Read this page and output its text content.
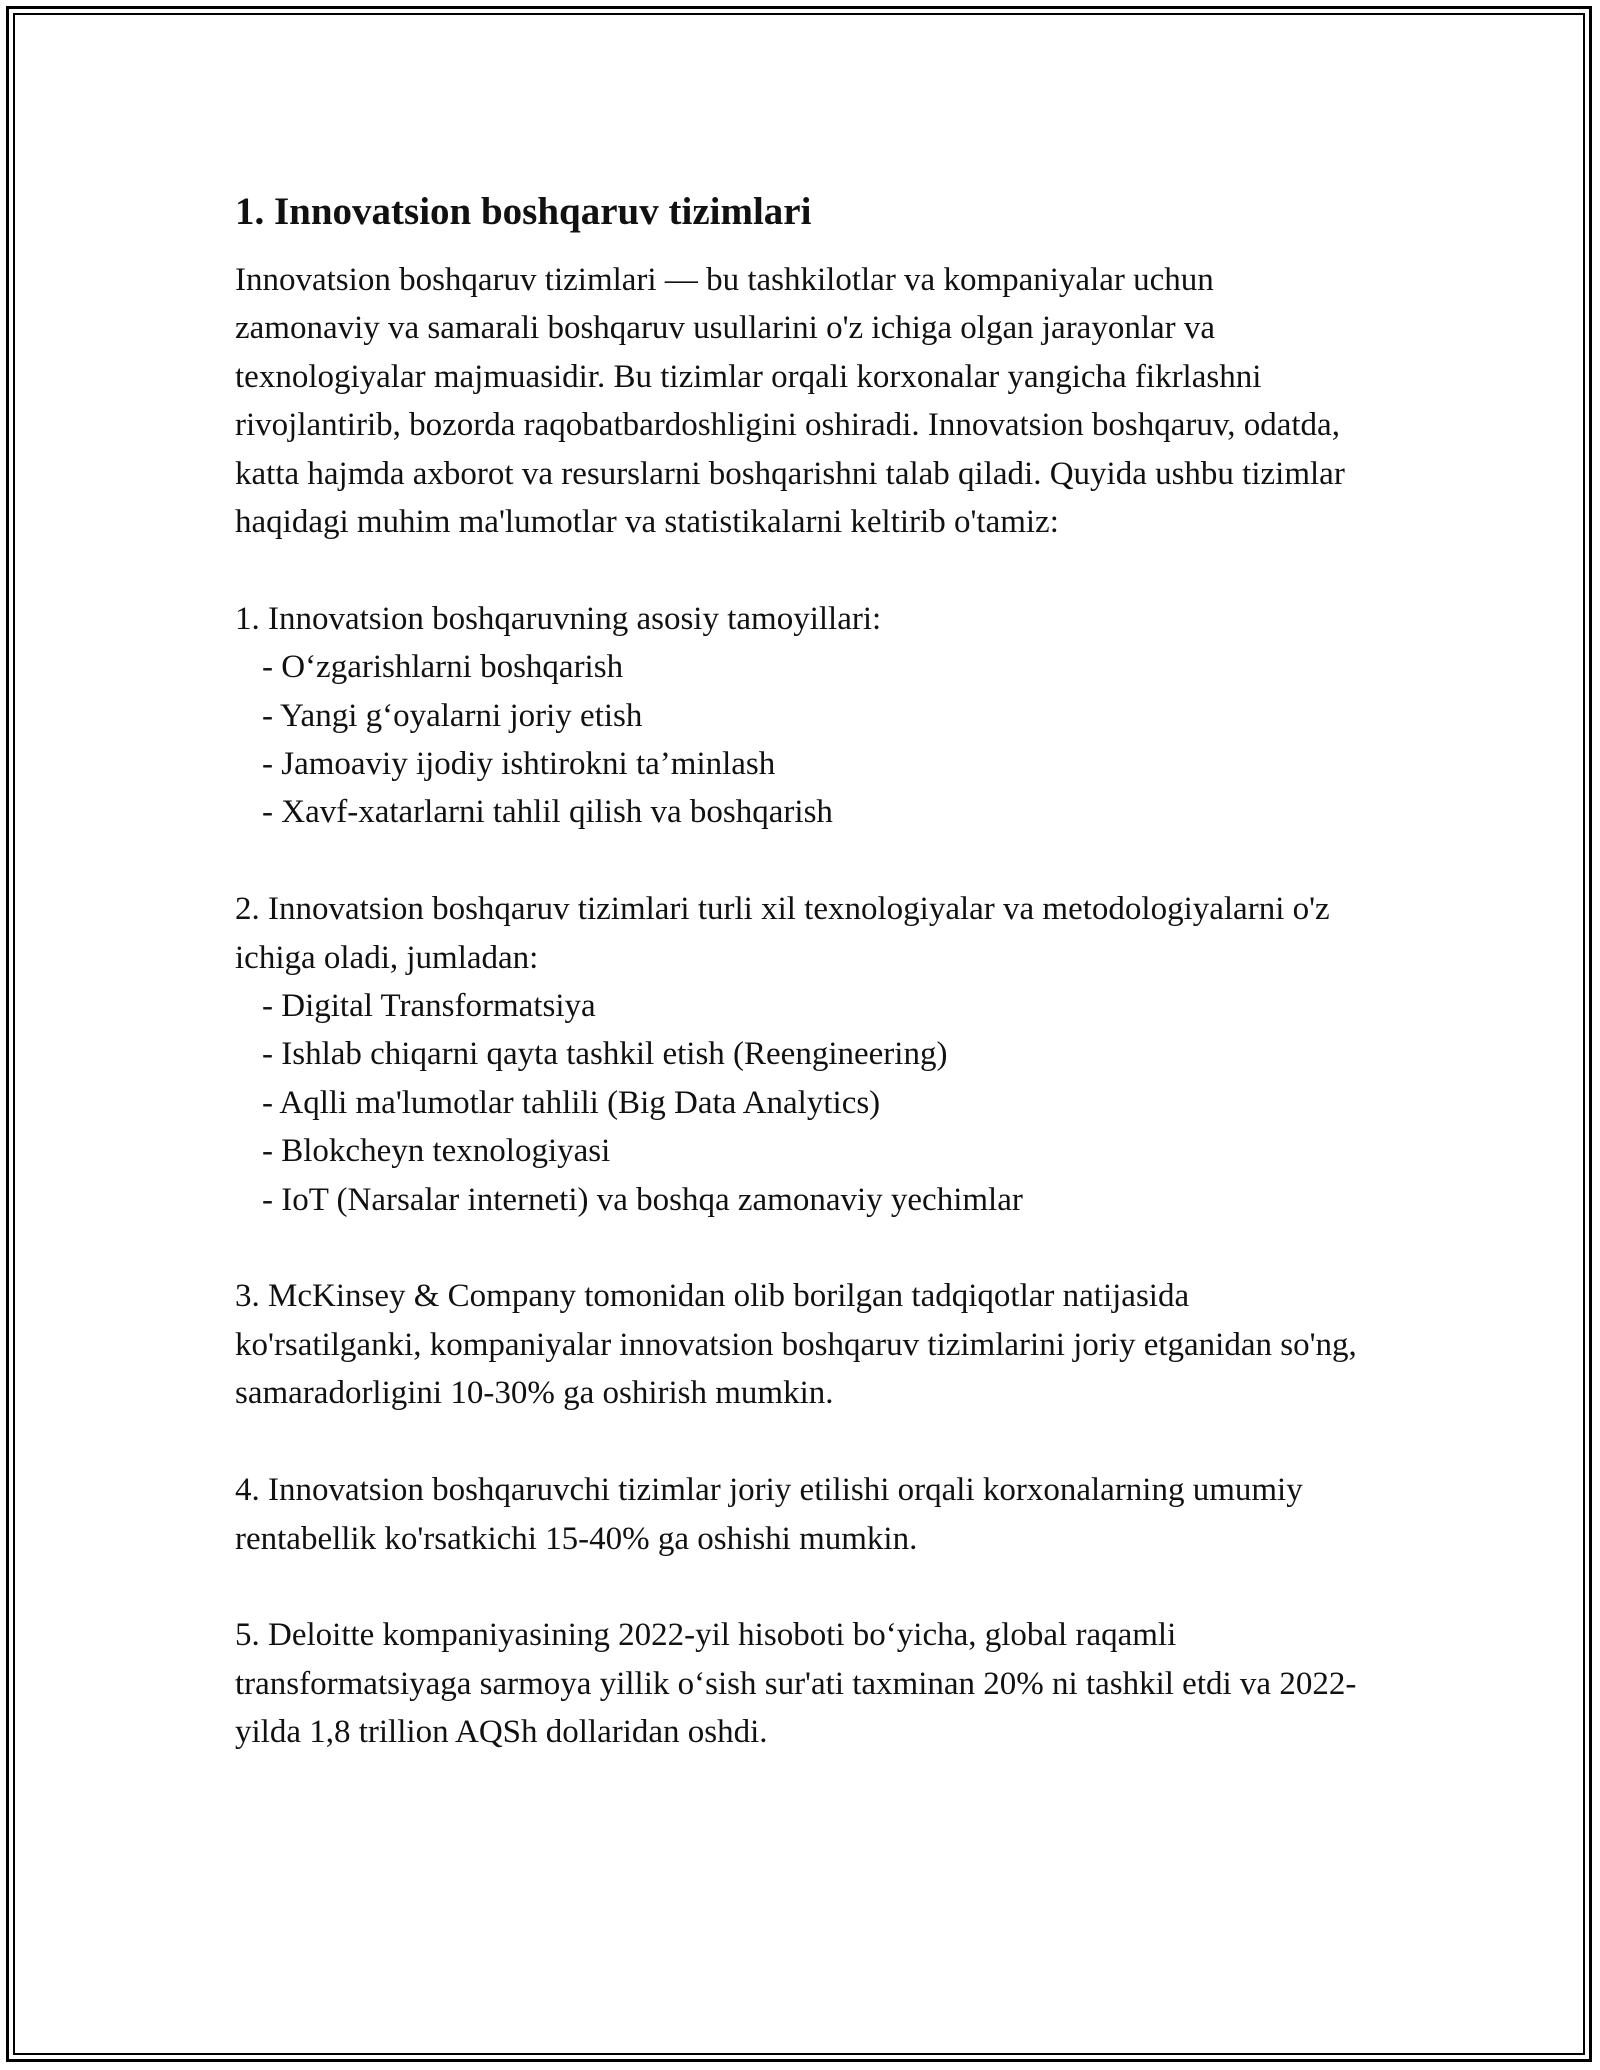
1. Innovatsion boshqaruv tizimlari

Innovatsion boshqaruv tizimlari — bu tashkilotlar va kompaniyalar uchun zamonaviy va samarali boshqaruv usullarini o'z ichiga olgan jarayonlar va texnologiyalar majmuasidir. Bu tizimlar orqali korxonalar yangicha fikrlashni rivojlantirib, bozorda raqobatbardoshligini oshiradi. Innovatsion boshqaruv, odatda, katta hajmda axborot va resurslarni boshqarishni talab qiladi. Quyida ushbu tizimlar haqidagi muhim ma'lumotlar va statistikalarni keltirib o'tamiz:

1. Innovatsion boshqaruvning asosiy tamoyillari:

- O‘zgarishlarni boshqarish
- Yangi g‘oyalarni joriy etish
- Jamoaviy ijodiy ishtirokni ta’minlash
- Xavf-xatarlarni tahlil qilish va boshqarish

2. Innovatsion boshqaruv tizimlari turli xil texnologiyalar va metodologiyalarni o'z ichiga oladi, jumladan:

- Digital Transformatsiya
- Ishlab chiqarni qayta tashkil etish (Reengineering)
- Aqlli ma'lumotlar tahlili (Big Data Analytics)
- Blokcheyn texnologiyasi
- IoT (Narsalar interneti) va boshqa zamonaviy yechimlar

3. McKinsey & Company tomonidan olib borilgan tadqiqotlar natijasida ko'rsatilganki, kompaniyalar innovatsion boshqaruv tizimlarini joriy etganidan so'ng, samaradorligini 10-30% ga oshirish mumkin.

4. Innovatsion boshqaruvchi tizimlar joriy etilishi orqali korxonalarning umumiy rentabellik ko'rsatkichi 15-40% ga oshishi mumkin.

5. Deloitte kompaniyasining 2022-yil hisoboti bo‘yicha, global raqamli transformatsiyaga sarmoya yillik o‘sish sur'ati taxminan 20% ni tashkil etdi va 2022-yilda 1,8 trillion AQSh dollaridan oshdi.
